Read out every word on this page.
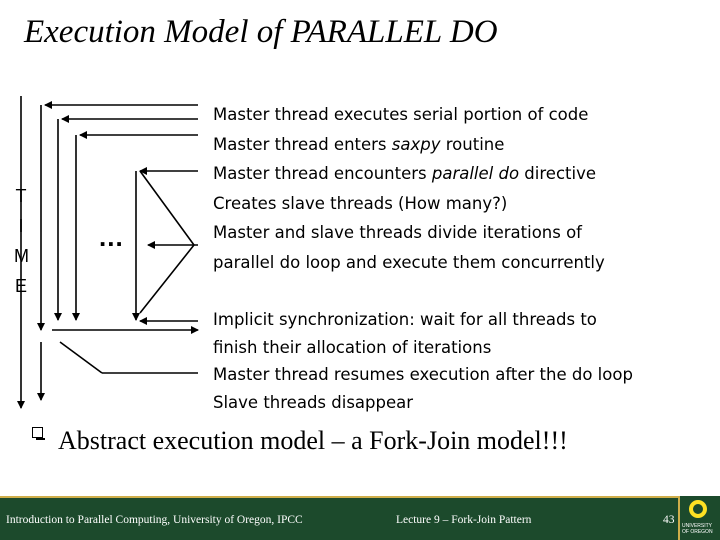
Execution Model of PARALLEL DO
T
I
M
E
...
Master thread executes serial portion of code
Master thread enters saxpy routine
Master thread encounters parallel do directive
Creates slave threads (How many?)
Master and slave threads divide iterations of
parallel do loop and execute them concurrently
Implicit synchronization: wait for all threads to
finish their allocation of iterations
Master thread resumes execution after the do loop
Slave threads disappear
Abstract execution model – a Fork-Join model!!!
Introduction to Parallel Computing, University of Oregon, IPCC	Lecture 9 – Fork-Join Pattern	43 UNIVERSITY
OF OREGON
